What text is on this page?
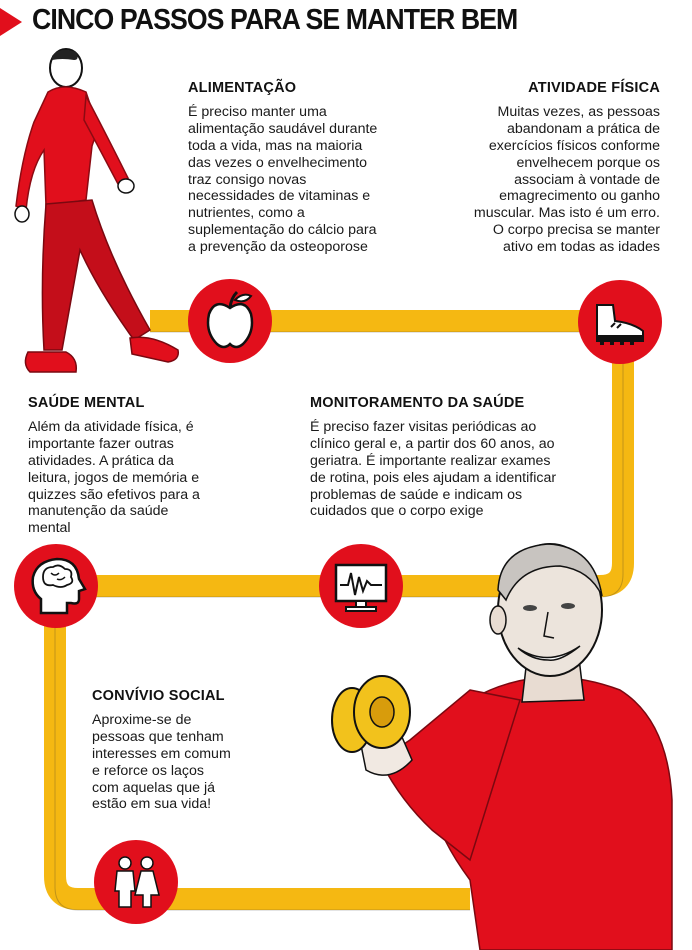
CINCO PASSOS PARA SE MANTER BEM
ALIMENTAÇÃO

É preciso manter uma alimentação saudável durante toda a vida, mas na maioria das vezes o envelhecimento traz consigo novas necessidades de vitaminas e nutrientes, como a suplementação do cálcio para a prevenção da osteoporose

ATIVIDADE FÍSICA

Muitas vezes, as pessoas abandonam a prática de exercícios físicos conforme envelhecem porque os associam à vontade de emagrecimento ou ganho muscular. Mas isto é um erro. O corpo precisa se manter ativo em todas as idades

MONITORAMENTO DA SAÚDE

É preciso fazer visitas periódicas ao clínico geral e, a partir dos 60 anos, ao geriatra. É importante realizar exames de rotina, pois eles ajudam a identificar problemas de saúde e indicam os cuidados que o corpo exige

SAÚDE MENTAL

Além da atividade física, é importante fazer outras atividades. A prática da leitura, jogos de memória e quizzes são efetivos para a manutenção da saúde mental

CONVÍVIO SOCIAL

Aproxime-se de pessoas que tenham interesses em comum e reforce os laços com aquelas que já estão em sua vida!
